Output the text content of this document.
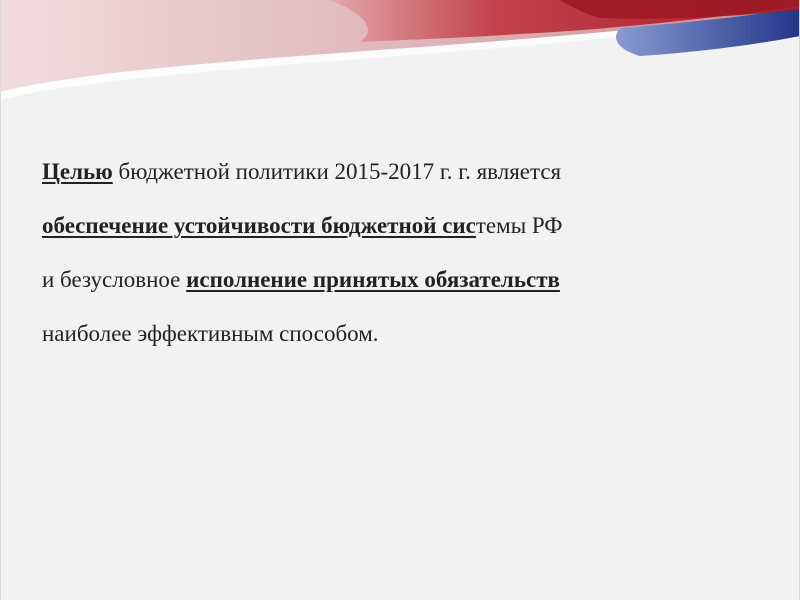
Целью бюджетной политики 2015-2017 г. г. является
обеспечение устойчивости бюджетной системы РФ
и безусловное исполнение принятых обязательств
наиболее эффективным способом.
